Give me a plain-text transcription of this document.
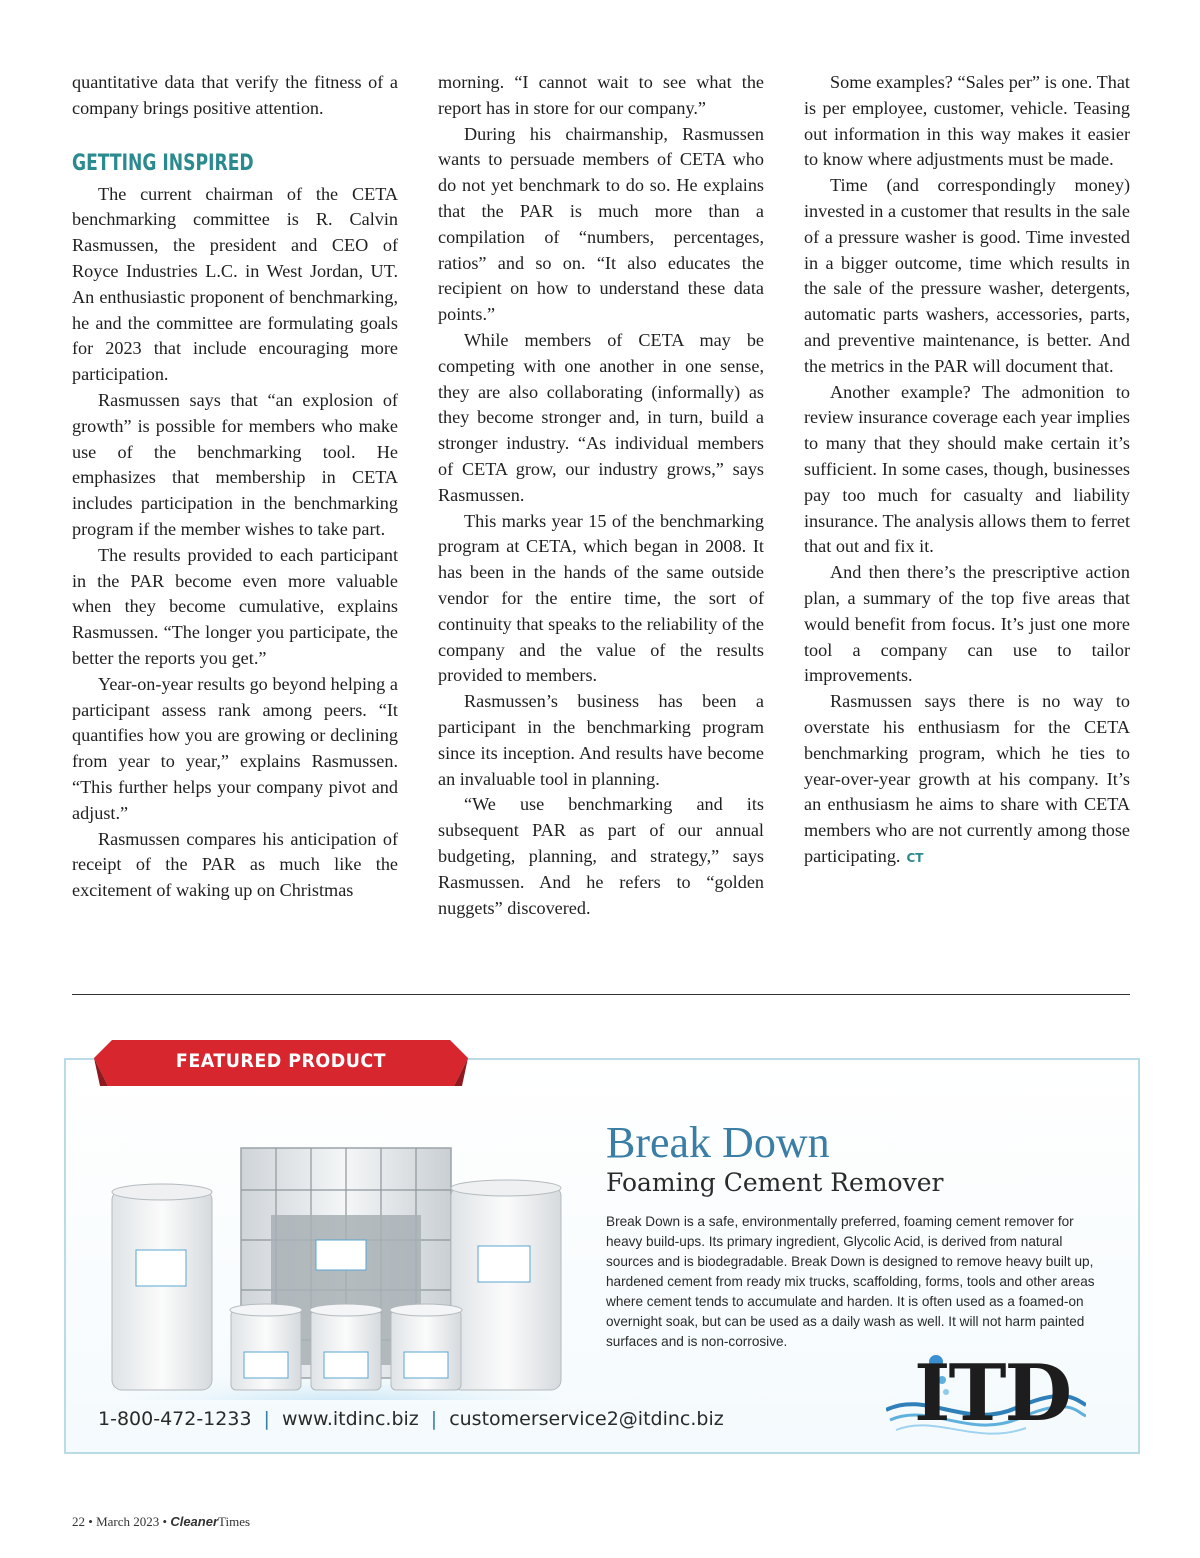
quantitative data that verify the fitness of a company brings positive attention.

GETTING INSPIRED

The current chairman of the CETA benchmarking committee is R. Calvin Rasmussen, the president and CEO of Royce Industries L.C. in West Jordan, UT. An enthusiastic proponent of benchmarking, he and the committee are formulating goals for 2023 that include encouraging more participation.

Rasmussen says that “an explosion of growth” is possible for members who make use of the benchmarking tool. He emphasizes that membership in CETA includes participation in the benchmarking program if the member wishes to take part.

The results provided to each participant in the PAR become even more valuable when they become cumulative, explains Rasmussen. “The longer you participate, the better the reports you get.”

Year-on-year results go beyond helping a participant assess rank among peers. “It quantifies how you are growing or declining from year to year,” explains Rasmussen. “This further helps your company pivot and adjust.”

Rasmussen compares his anticipation of receipt of the PAR as much like the excitement of waking up on Christmas

morning. “I cannot wait to see what the report has in store for our company.”

During his chairmanship, Rasmussen wants to persuade members of CETA who do not yet benchmark to do so. He explains that the PAR is much more than a compilation of “numbers, percentages, ratios” and so on. “It also educates the recipient on how to understand these data points.”

While members of CETA may be competing with one another in one sense, they are also collaborating (informally) as they become stronger and, in turn, build a stronger industry. “As individual members of CETA grow, our industry grows,” says Rasmussen.

This marks year 15 of the benchmarking program at CETA, which began in 2008. It has been in the hands of the same outside vendor for the entire time, the sort of continuity that speaks to the reliability of the company and the value of the results provided to members.

Rasmussen’s business has been a participant in the benchmarking program since its inception. And results have become an invaluable tool in planning.

“We use benchmarking and its subsequent PAR as part of our annual budgeting, planning, and strategy,” says Rasmussen. And he refers to “golden nuggets” discovered.

Some examples? “Sales per” is one. That is per employee, customer, vehicle. Teasing out information in this way makes it easier to know where adjustments must be made.

Time (and correspondingly money) invested in a customer that results in the sale of a pressure washer is good. Time invested in a bigger outcome, time which results in the sale of the pressure washer, detergents, automatic parts washers, accessories, parts, and preventive maintenance, is better. And the metrics in the PAR will document that.

Another example? The admonition to review insurance coverage each year implies to many that they should make certain it’s sufficient. In some cases, though, businesses pay too much for casualty and liability insurance. The analysis allows them to ferret that out and fix it.

And then there’s the prescriptive action plan, a summary of the top five areas that would benefit from focus. It’s just one more tool a company can use to tailor improvements.

Rasmussen says there is no way to overstate his enthusiasm for the CETA benchmarking program, which he ties to year-over-year growth at his company. It’s an enthusiasm he aims to share with CETA members who are not currently among those participating. CT

Break Down
Foaming Cement Remover
Break Down is a safe, environmentally preferred, foaming cement remover for heavy build-ups. Its primary ingredient, Glycolic Acid, is derived from natural sources and is biodegradable. Break Down is designed to remove heavy built up, hardened cement from ready mix trucks, scaffolding, forms, tools and other areas where cement tends to accumulate and harden. It is often used as a foamed-on overnight soak, but can be used as a daily wash as well. It will not harm painted surfaces and is non-corrosive.
1-800-472-1233 | www.itdinc.biz | customerservice2@itdinc.biz ITD
FEATURED PRODUCT
22 • March 2023 • CleanerTimes
